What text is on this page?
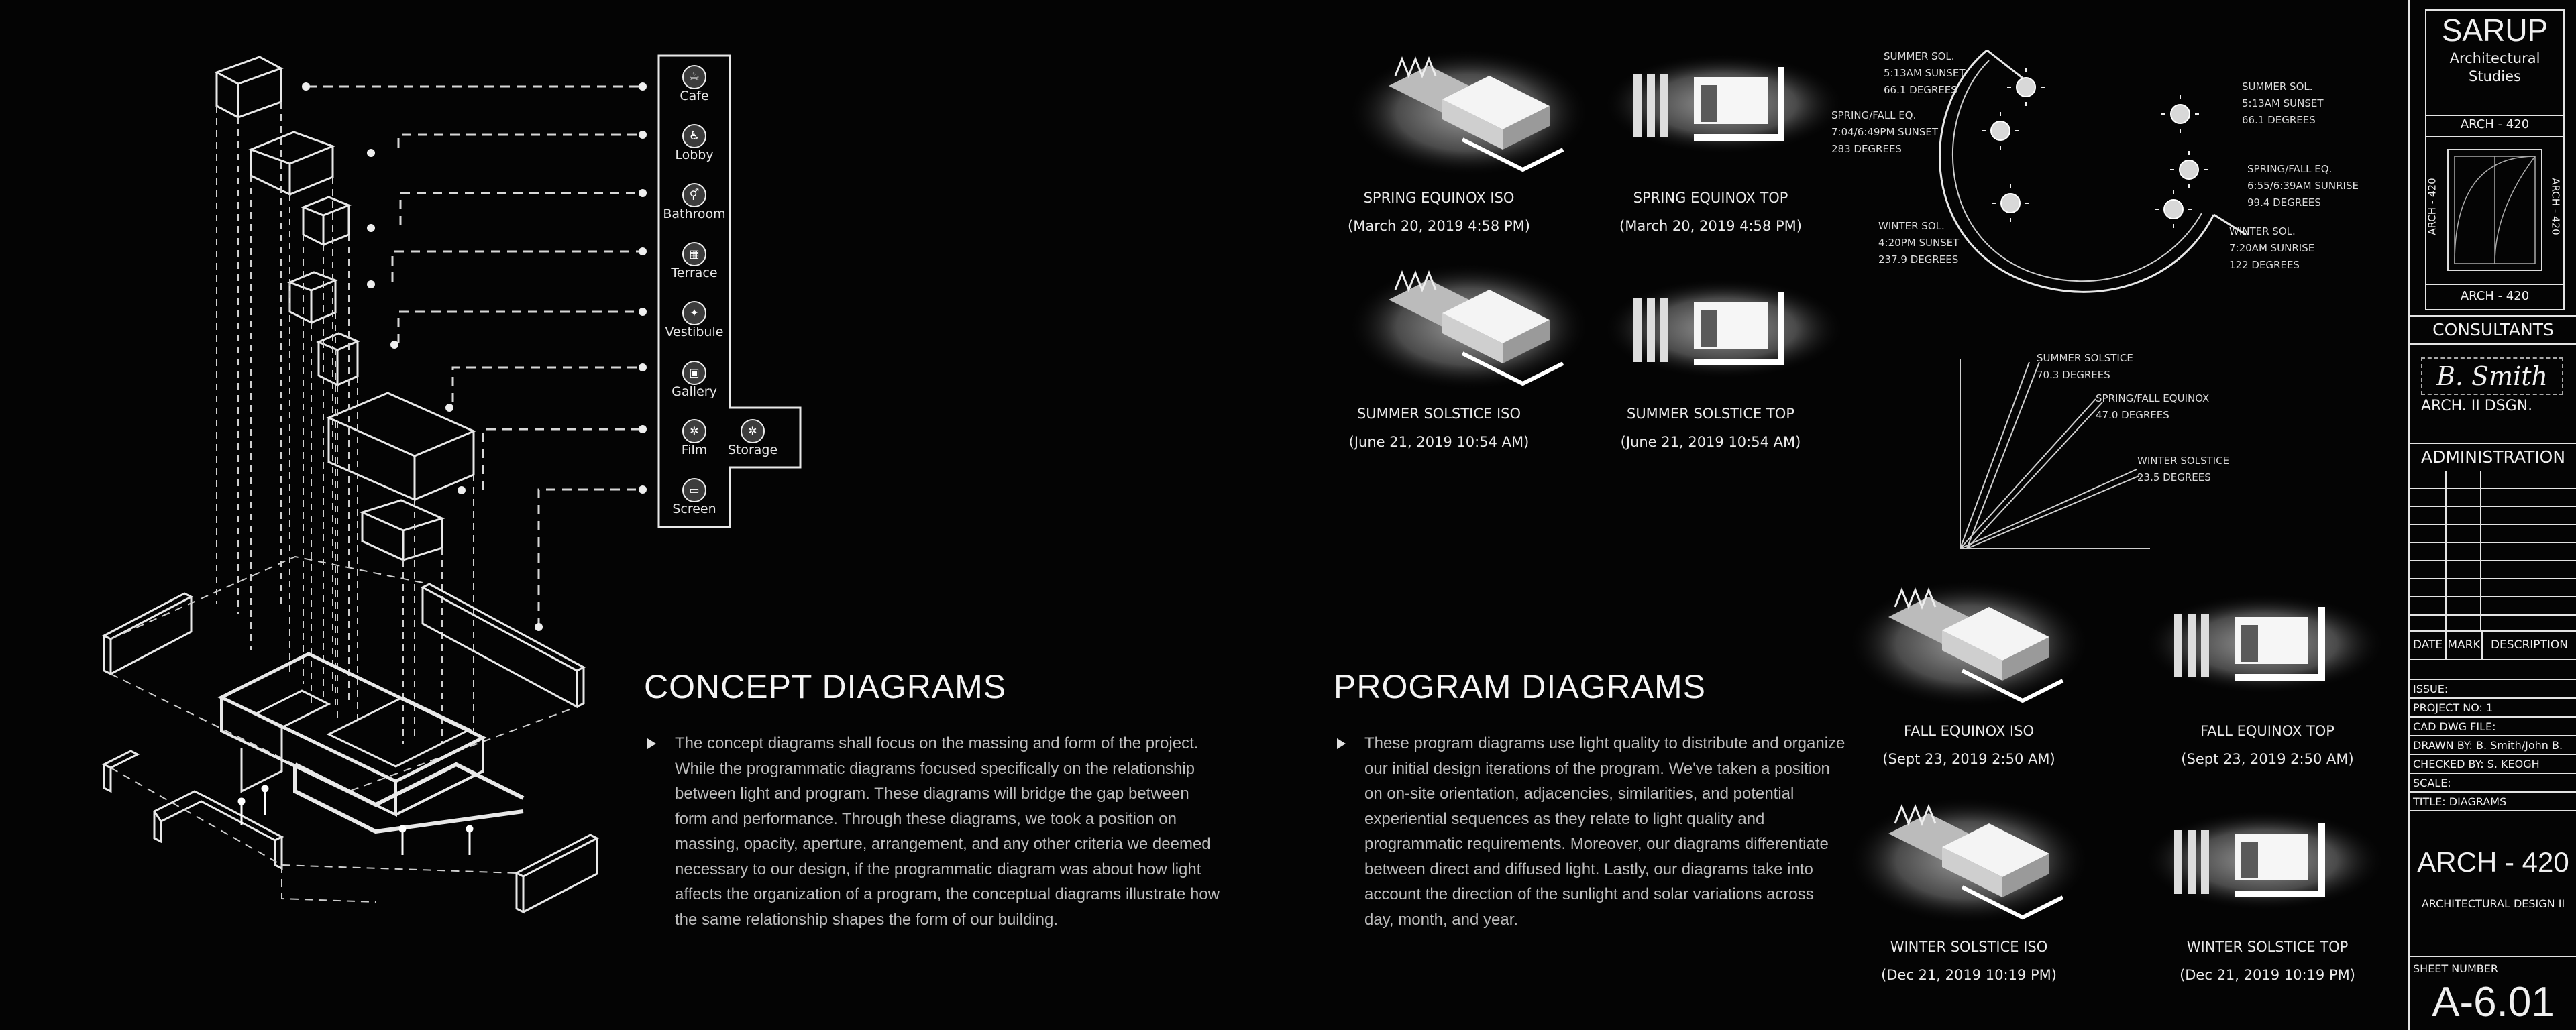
☕
Cafe
♿
Lobby
⚥
Bathroom
▦
Terrace
✦
Vestibule
▣
Gallery
✲
Film
▭
Screen
✲
Storage
CONCEPT DIAGRAMS
The concept diagrams shall focus on the massing and form of the project. While the programmatic diagrams focused specifically on the relationship between light and program. These diagrams will bridge the gap between form and performance. Through these diagrams, we took a position on massing, opacity, aperture, arrangement, and any other criteria we deemed necessary to our design, if the programmatic diagram was about how light affects the organization of a program, the conceptual diagrams illustrate how the same relationship shapes the form of our building.
PROGRAM DIAGRAMS
These program diagrams use light quality to distribute and organize our initial design iterations of the program. We've taken a position on on-site orientation, adjacencies, similarities, and potential experiential sequences as they relate to light quality and programmatic requirements. Moreover, our diagrams differentiate between direct and diffused light. Lastly, our diagrams take into account the direction of the sunlight and solar variations across day, month, and year.
SPRING EQUINOX ISO
(March 20, 2019 4:58 PM)
SPRING EQUINOX TOP
(March 20, 2019 4:58 PM)
SUMMER SOLSTICE ISO
(June 21, 2019 10:54 AM)
SUMMER SOLSTICE TOP
(June 21, 2019 10:54 AM)
FALL EQUINOX ISO
(Sept 23, 2019 2:50 AM)
FALL EQUINOX TOP
(Sept 23, 2019 2:50 AM)
WINTER SOLSTICE ISO
(Dec 21, 2019 10:19 PM)
WINTER SOLSTICE TOP
(Dec 21, 2019 10:19 PM)
SUMMER SOL.
5:13AM SUNSET
66.1 DEGREES
SPRING/FALL EQ.
7:04/6:49PM SUNSET
283 DEGREES
WINTER SOL.
4:20PM SUNSET
237.9 DEGREES
SUMMER SOL.
5:13AM SUNSET
66.1 DEGREES
SPRING/FALL EQ.
6:55/6:39AM SUNRISE
99.4 DEGREES
WINTER SOL.
7:20AM SUNRISE
122 DEGREES
SUMMER SOLSTICE
70.3 DEGREES
SPRING/FALL EQUINOX
47.0 DEGREES
WINTER SOLSTICE
23.5 DEGREES
SARUP
Architectural
Studies
ARCH - 420
ARCH - 420	ARCH - 420
ARCH - 420
CONSULTANTS
B. Smith
ARCH. II DSGN.
ADMINISTRATION
DATE MARK DESCRIPTION
ISSUE:
PROJECT NO: 1
CAD DWG FILE:
DRAWN BY: B. Smith/John B.
CHECKED BY: S. KEOGH
SCALE:
TITLE: DIAGRAMS
ARCH - 420
ARCHITECTURAL DESIGN II
SHEET NUMBER
A-6.01
